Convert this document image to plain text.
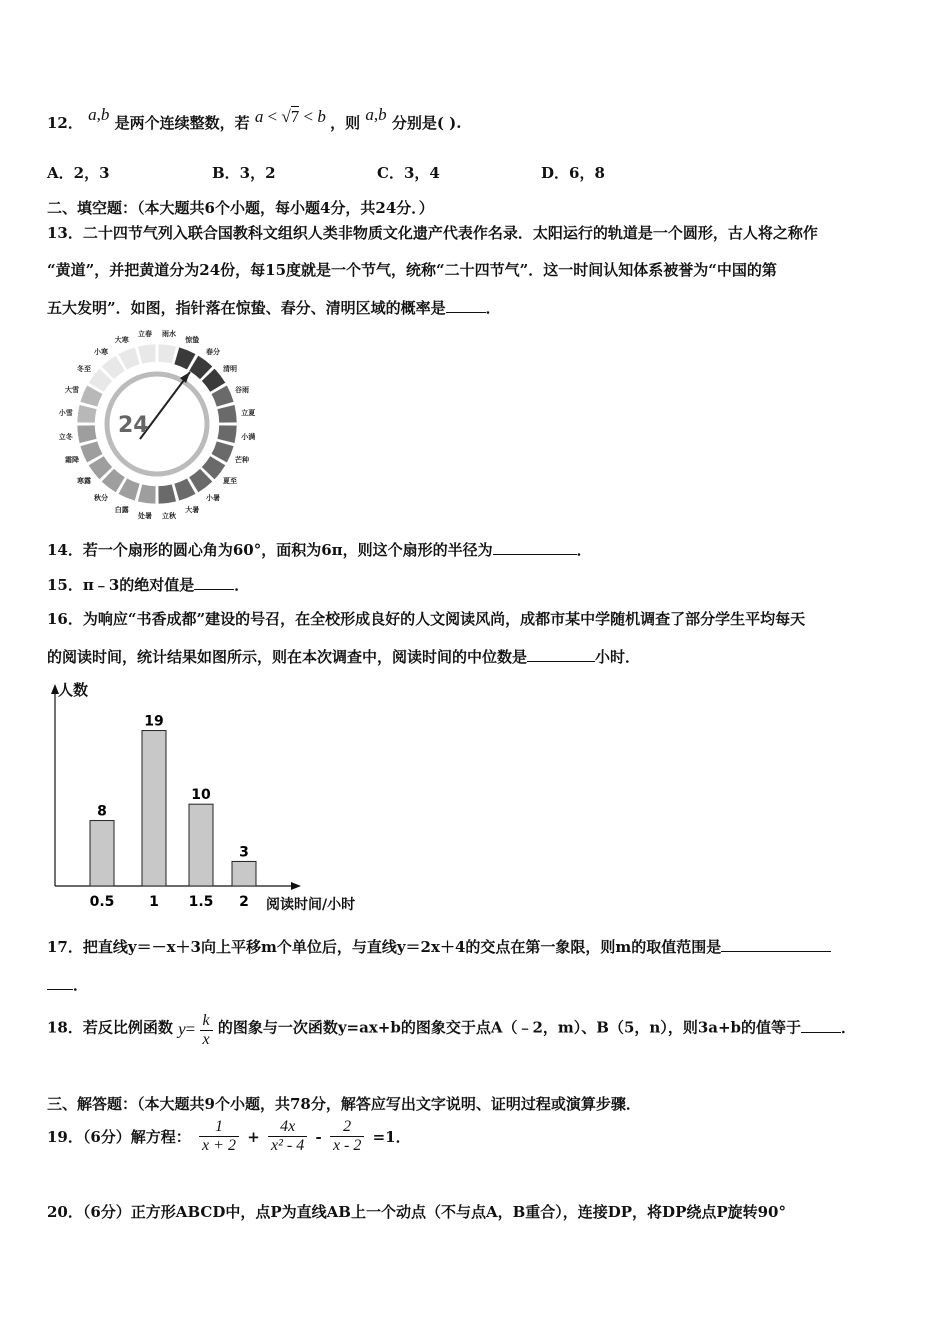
12． a,b 是两个连续整数，若 a < √7 < b ，则 a,b 分别是( ).
A．2，3	B．3，2	C．3，4	D．6，8
二、填空题：（本大题共6个小题，每小题4分，共24分．）
13．二十四节气列入联合国教科文组织人类非物质文化遗产代表作名录．太阳运行的轨道是一个圆形，古人将之称作
“黄道”，并把黄道分为24份，每15度就是一个节气，统称“二十四节气”．这一时间认知体系被誉为“中国的第
五大发明”．如图，指针落在惊蛰、春分、清明区域的概率是	．
雨水
惊蛰
春分
清明
谷雨
立夏
小满
芒种
夏至
小暑
大暑
立秋
处暑
白露
秋分
寒露
霜降
立冬
小雪
大雪
冬至
小寒
大寒
立春
24
14．若一个扇形的圆心角为60°，面积为6π，则这个扇形的半径为	．
15．π﹣3的绝对值是	．
16．为响应“书香成都”建设的号召，在全校形成良好的人文阅读风尚，成都市某中学随机调查了部分学生平均每天
的阅读时间，统计结果如图所示，则在本次调查中，阅读时间的中位数是	小时．
人数
阅读时间/小时
8
0.5
19
1
10
1.5
3
2
17．把直线y＝－x＋3向上平移m个单位后，与直线y＝2x＋4的交点在第一象限，则m的取值范围是
．
18．若反比例函数 $y= \frac{k}{x}$ 的图象与一次函数y=ax+b的图象交于点A（﹣2，m）、B（5，n），则3a+b的值等于	．
三、解答题：（本大题共9个小题，共78分，解答应写出文字说明、证明过程或演算步骤．
19．（6分）解方程： $\frac{1}{x + 2} + \frac{4x}{\text{x² - 4}} - \frac{2}{x - 2} =1$．
20．（6分）正方形ABCD中，点P为直线AB上一个动点（不与点A，B重合），连接DP，将DP绕点P旋转90°
